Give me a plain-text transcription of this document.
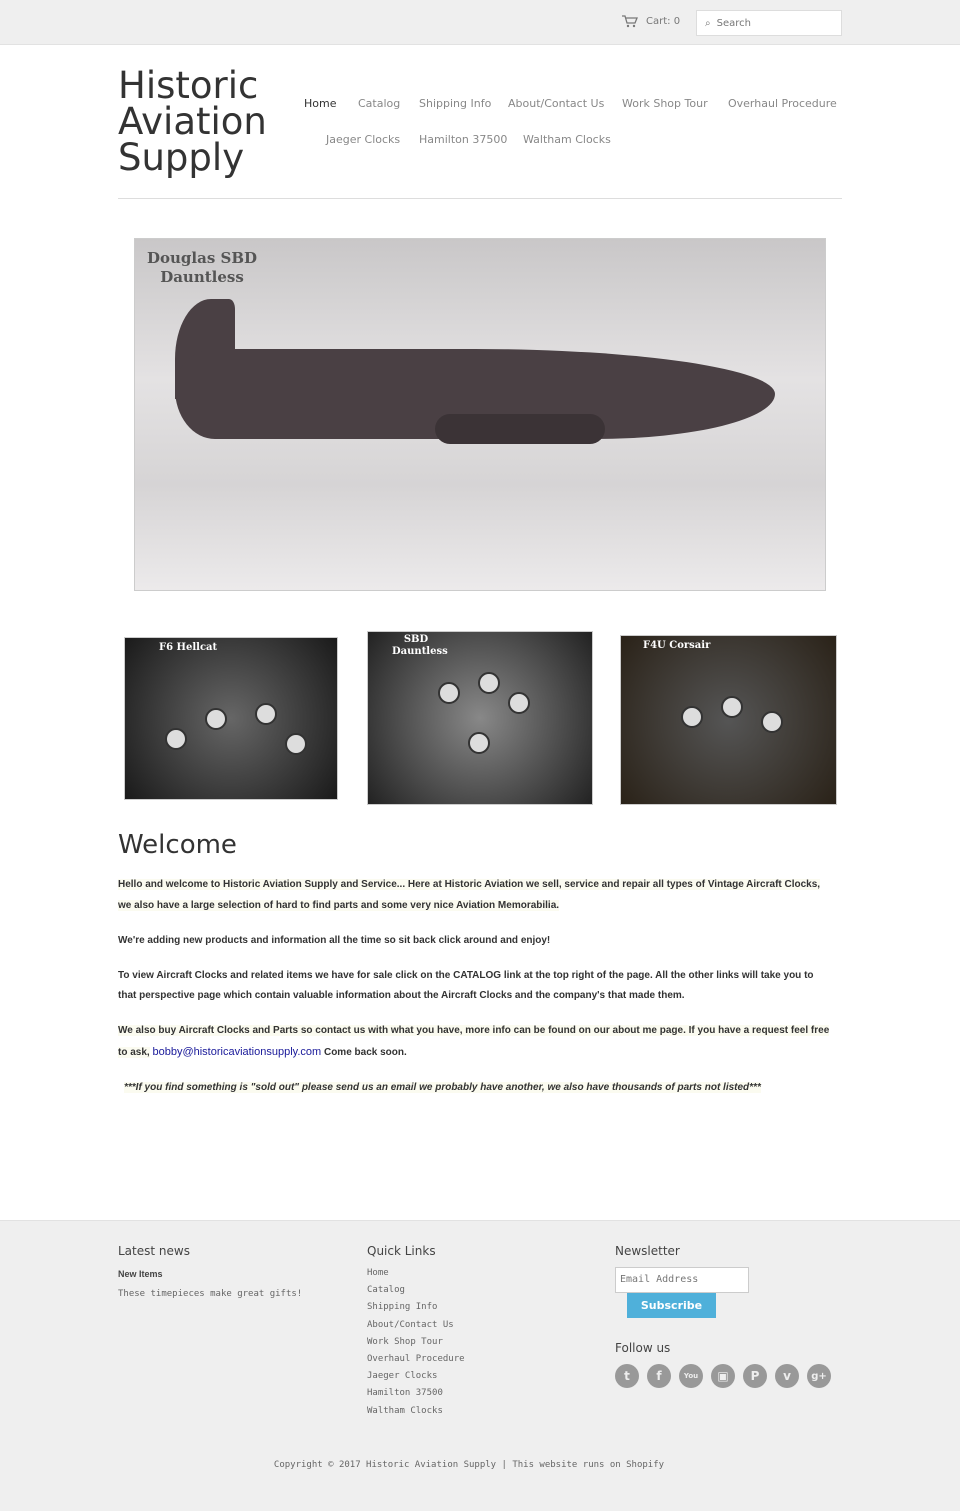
Cart: 0 ⌕ Search
Historic Aviation Supply
Home Catalog Shipping Info About/Contact Us Work Shop Tour Overhaul Procedure
Jaeger Clocks Hamilton 37500 Waltham Clocks
Douglas SBD Dauntless
F6 Hellcat
SBD Dauntless
F4U Corsair
Welcome

Hello and welcome to Historic Aviation Supply and Service... Here at Historic Aviation we sell, service and repair all types of Vintage Aircraft Clocks, we also have a large selection of hard to find parts and some very nice Aviation Memorabilia.

We're adding new products and information all the time so sit back click around and enjoy!

To view Aircraft Clocks and related items we have for sale click on the CATALOG link at the top right of the page. All the other links will take you to that perspective page which contain valuable information about the Aircraft Clocks and the company's that made them.

We also buy Aircraft Clocks and Parts so contact us with what you have, more info can be found on our about me page. If you have a request feel free to ask, bobby@historicaviationsupply.com Come back soon.

***If you find something is "sold out" please send us an email we probably have another, we also have thousands of parts not listed***

Latest news
New Items
These timepieces make great gifts!
Quick Links
Home
Catalog
Shipping Info
About/Contact Us
Work Shop Tour
Overhaul Procedure
Jaeger Clocks
Hamilton 37500
Waltham Clocks
Newsletter
Email Address
Subscribe
Follow us
t	f	You	▣	P	v	g+
Copyright © 2017 Historic Aviation Supply | This website runs on Shopify
